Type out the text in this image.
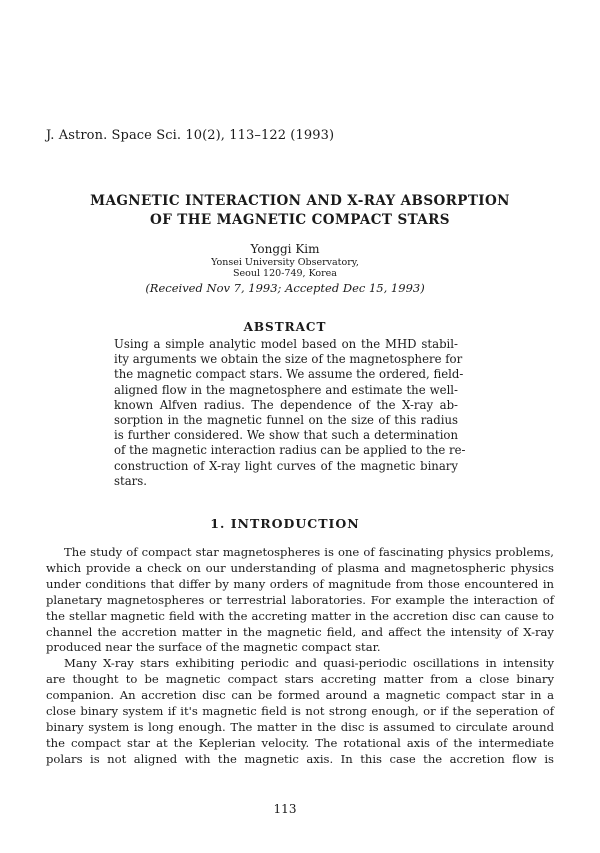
J. Astron. Space Sci. 10(2), 113–122 (1993)
MAGNETIC INTERACTION AND X-RAY ABSORPTION
OF THE MAGNETIC COMPACT STARS
Yonggi Kim
Yonsei University Observatory,
Seoul 120-749, Korea
(Received Nov 7, 1993; Accepted Dec 15, 1993)
ABSTRACT
Using a simple analytic model based on the MHD stabil-
ity arguments we obtain the size of the magnetosphere for
the magnetic compact stars. We assume the ordered, field-
aligned flow in the magnetosphere and estimate the well-
known Alfven radius. The dependence of the X-ray ab-
sorption in the magnetic funnel on the size of this radius
is further considered. We show that such a determination
of the magnetic interaction radius can be applied to the re-
construction of X-ray light curves of the magnetic binary
stars.
1. INTRODUCTION
The study of compact star magnetospheres is one of fascinating physics problems,
which provide a check on our understanding of plasma and magnetospheric physics
under conditions that differ by many orders of magnitude from those encountered in
planetary magnetospheres or terrestrial laboratories. For example the interaction of
the stellar magnetic field with the accreting matter in the accretion disc can cause to
channel the accretion matter in the magnetic field, and affect the intensity of X-ray
produced near the surface of the magnetic compact star.
Many X-ray stars exhibiting periodic and quasi-periodic oscillations in intensity
are thought to be magnetic compact stars accreting matter from a close binary
companion. An accretion disc can be formed around a magnetic compact star in a
close binary system if it's magnetic field is not strong enough, or if the seperation of
binary system is long enough. The matter in the disc is assumed to circulate around
the compact star at the Keplerian velocity. The rotational axis of the intermediate
polars is not aligned with the magnetic axis. In this case the accretion flow is
113
